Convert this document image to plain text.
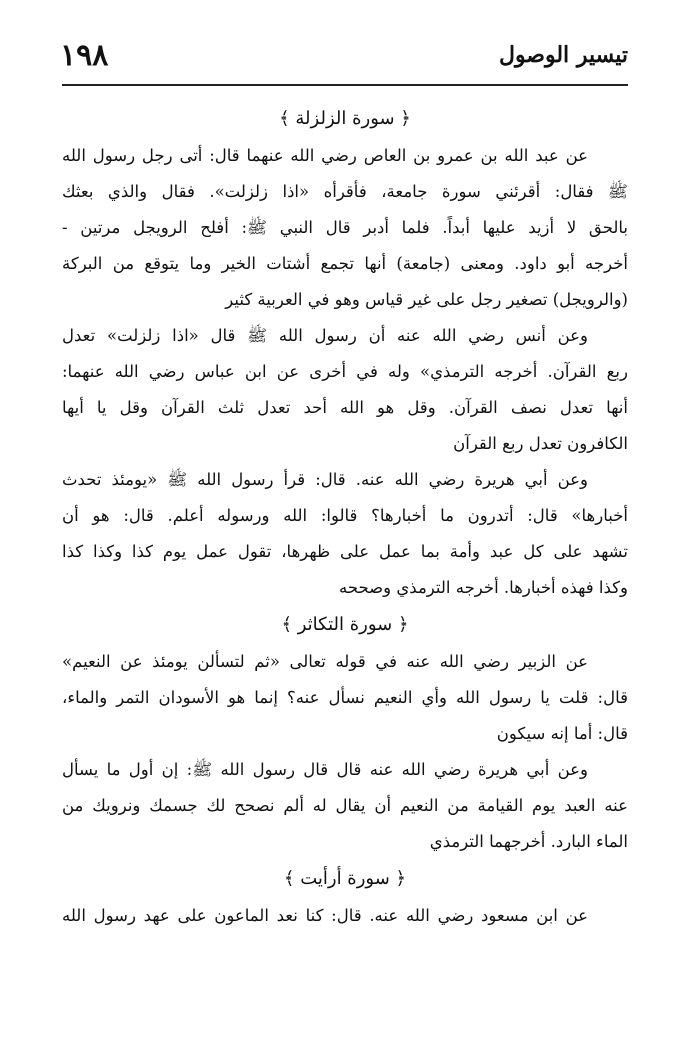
تيسير الوصول
١٩٨
﴿ سورة الزلزلة ﴾
عن عبد الله بن عمرو بن العاص رضي الله عنهما قال: أتى رجل رسول الله
ﷺ فقال: أقرئني سورة جامعة، فأقرأه «اذا زلزلت». فقال والذي بعثك
بالحق لا أزيد عليها أبداً. فلما أدبر قال النبي ﷺ: أفلح الرويجل مرتين -
أخرجه أبو داود. ومعنى (جامعة) أنها تجمع أشتات الخير وما يتوقع من البركة
(والرويجل) تصغير رجل على غير قياس وهو في العربية كثير
وعن أنس رضي الله عنه أن رسول الله ﷺ قال «اذا زلزلت» تعدل
ربع القرآن. أخرجه الترمذي» وله في أخرى عن ابن عباس رضي الله عنهما:
أنها تعدل نصف القرآن. وقل هو الله أحد تعدل ثلث القرآن وقل يا أيها
الكافرون تعدل ربع القرآن
وعن أبي هريرة رضي الله عنه. قال: قرأ رسول الله ﷺ «يومئذ تحدث
أخبارها» قال: أتدرون ما أخبارها؟ قالوا: الله ورسوله أعلم. قال: هو أن
تشهد على كل عبد وأمة بما عمل على ظهرها، تقول عمل يوم كذا وكذا كذا
وكذا فهذه أخبارها. أخرجه الترمذي وصححه
﴿ سورة التكاثر ﴾
عن الزبير رضي الله عنه في قوله تعالى «ثم لتسألن يومئذ عن النعيم»
قال: قلت يا رسول الله وأي النعيم نسأل عنه؟ إنما هو الأسودان التمر والماء،
قال: أما إنه سيكون
وعن أبي هريرة رضي الله عنه قال قال رسول الله ﷺ: إن أول ما يسأل
عنه العبد يوم القيامة من النعيم أن يقال له ألم نصحح لك جسمك ونرويك من
الماء البارد. أخرجهما الترمذي
﴿ سورة أرأيت ﴾
عن ابن مسعود رضي الله عنه. قال: كنا نعد الماعون على عهد رسول الله
